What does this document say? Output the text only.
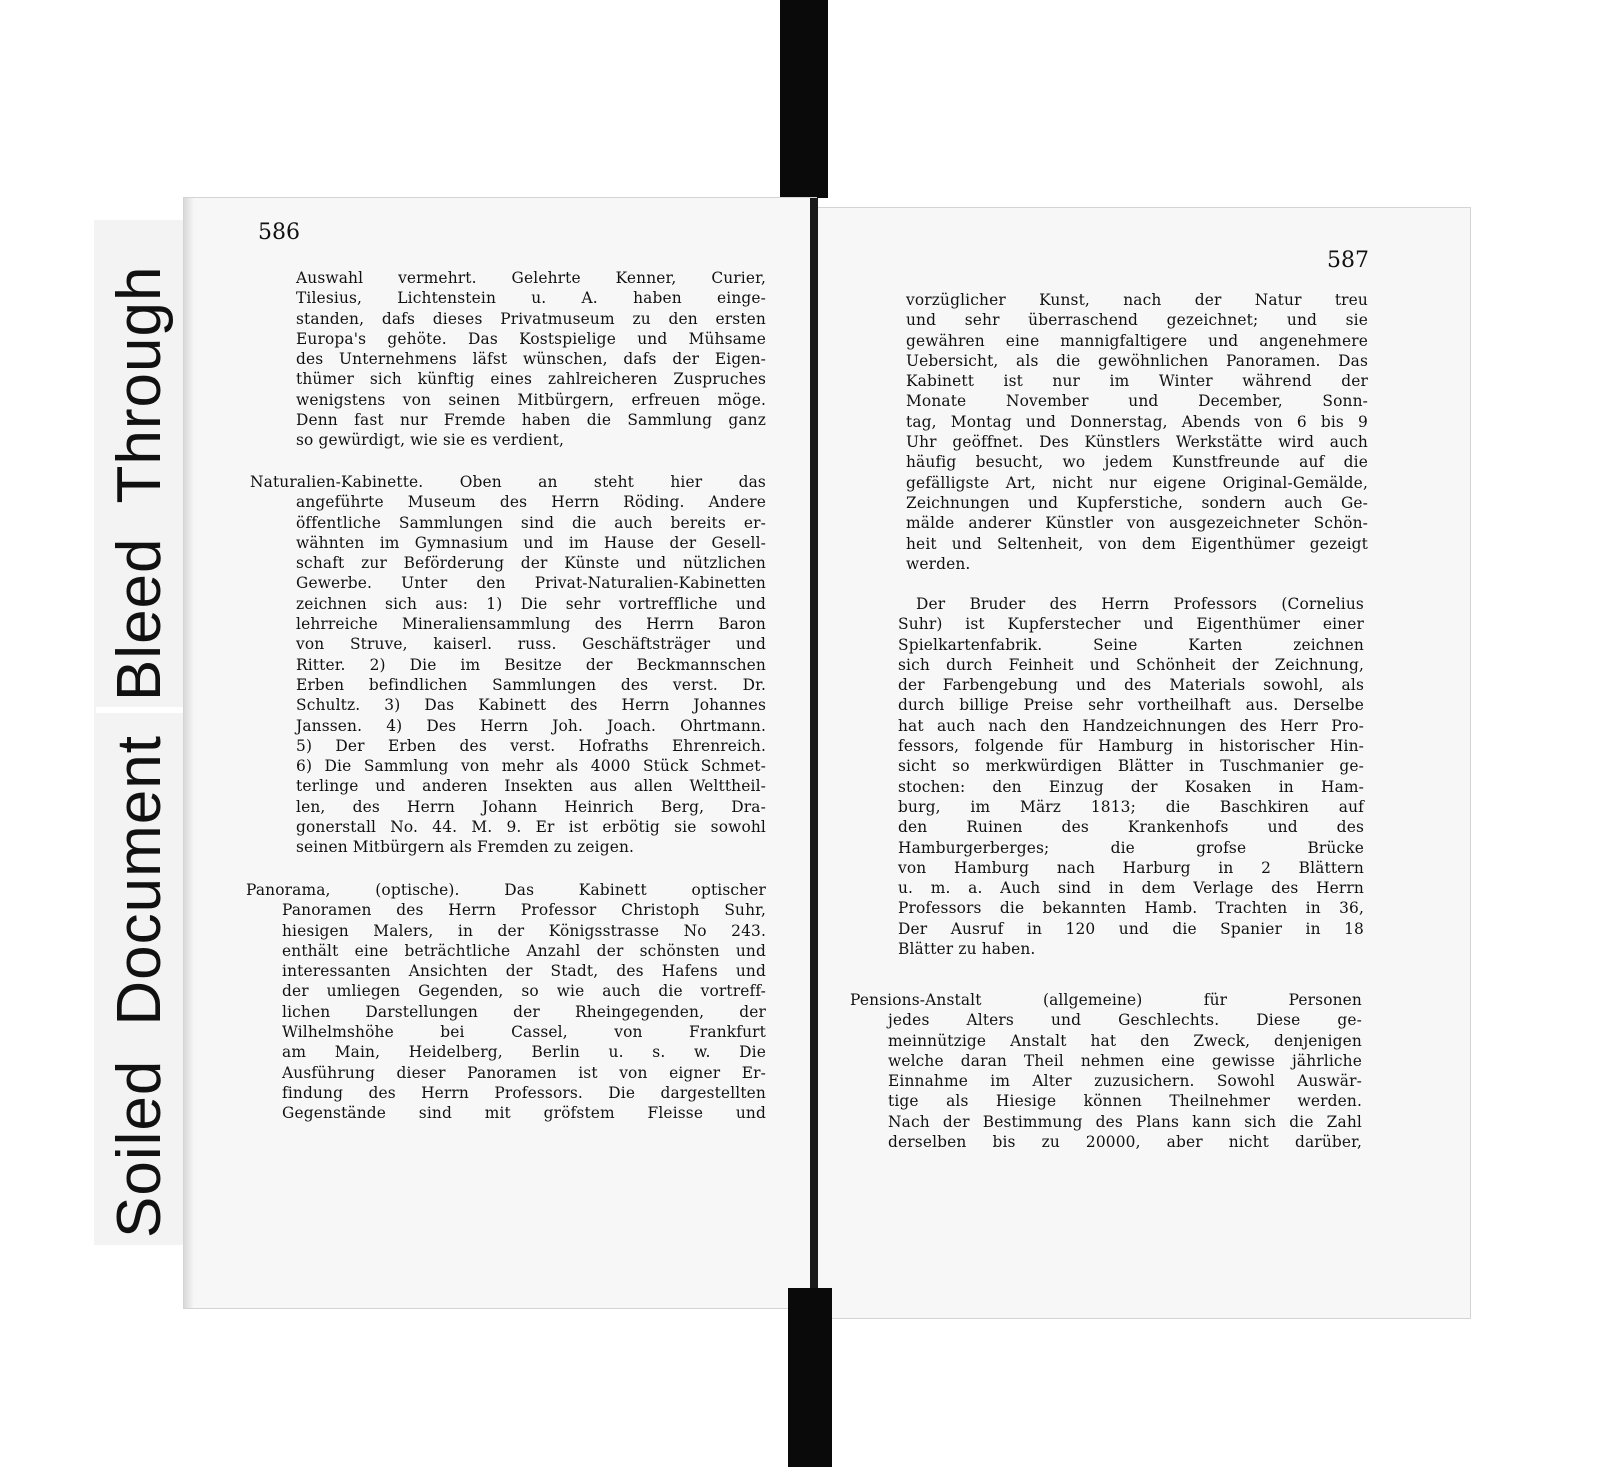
SoiledDocumentBleedThrough
586
587
Auswahl vermehrt. Gelehrte Kenner, Curier,
Tilesius, Lichtenstein u. A. haben einge-
standen, dafs dieses Privatmuseum zu den ersten
Europa's gehöte. Das Kostspielige und Mühsame
des Unternehmens läfst wünschen, dafs der Eigen-
thümer sich künftig eines zahlreicheren Zuspruches
wenigstens von seinen Mitbürgern, erfreuen möge.
Denn fast nur Fremde haben die Sammlung ganz
so gewürdigt, wie sie es verdient,
Naturalien-Kabinette. Oben an steht hier das
angeführte Museum des Herrn Röding. Andere
öffentliche Sammlungen sind die auch bereits er-
wähnten im Gymnasium und im Hause der Gesell-
schaft zur Beförderung der Künste und nützlichen
Gewerbe. Unter den Privat-Naturalien-Kabinetten
zeichnen sich aus: 1) Die sehr vortreffliche und
lehrreiche Mineraliensammlung des Herrn Baron
von Struve, kaiserl. russ. Geschäftsträger und
Ritter. 2) Die im Besitze der Beckmannschen
Erben befindlichen Sammlungen des verst. Dr.
Schultz. 3) Das Kabinett des Herrn Johannes
Janssen. 4) Des Herrn Joh. Joach. Ohrtmann.
5) Der Erben des verst. Hofraths Ehrenreich.
6) Die Sammlung von mehr als 4000 Stück Schmet-
terlinge und anderen Insekten aus allen Welttheil-
len, des Herrn Johann Heinrich Berg, Dra-
gonerstall No. 44. M. 9. Er ist erbötig sie sowohl
seinen Mitbürgern als Fremden zu zeigen.
Panorama, (optische). Das Kabinett optischer
Panoramen des Herrn Professor Christoph Suhr,
hiesigen Malers, in der Königsstrasse No 243.
enthält eine beträchtliche Anzahl der schönsten und
interessanten Ansichten der Stadt, des Hafens und
der umliegen Gegenden, so wie auch die vortreff-
lichen Darstellungen der Rheingegenden, der
Wilhelmshöhe bei Cassel, von Frankfurt
am Main, Heidelberg, Berlin u. s. w. Die
Ausführung dieser Panoramen ist von eigner Er-
findung des Herrn Professors. Die dargestellten
Gegenstände sind mit gröfstem Fleisse und
vorzüglicher Kunst, nach der Natur treu
und sehr überraschend gezeichnet; und sie
gewähren eine mannigfaltigere und angenehmere
Uebersicht, als die gewöhnlichen Panoramen. Das
Kabinett ist nur im Winter während der
Monate November und December, Sonn-
tag, Montag und Donnerstag, Abends von 6 bis 9
Uhr geöffnet. Des Künstlers Werkstätte wird auch
häufig besucht, wo jedem Kunstfreunde auf die
gefälligste Art, nicht nur eigene Original-Gemälde,
Zeichnungen und Kupferstiche, sondern auch Ge-
mälde anderer Künstler von ausgezeichneter Schön-
heit und Seltenheit, von dem Eigenthümer gezeigt
werden.
Der Bruder des Herrn Professors (Cornelius
Suhr) ist Kupferstecher und Eigenthümer einer
Spielkartenfabrik. Seine Karten zeichnen
sich durch Feinheit und Schönheit der Zeichnung,
der Farbengebung und des Materials sowohl, als
durch billige Preise sehr vortheilhaft aus. Derselbe
hat auch nach den Handzeichnungen des Herr Pro-
fessors, folgende für Hamburg in historischer Hin-
sicht so merkwürdigen Blätter in Tuschmanier ge-
stochen: den Einzug der Kosaken in Ham-
burg, im März 1813; die Baschkiren auf
den Ruinen des Krankenhofs und des
Hamburgerberges; die grofse Brücke
von Hamburg nach Harburg in 2 Blättern
u. m. a. Auch sind in dem Verlage des Herrn
Professors die bekannten Hamb. Trachten in 36,
Der Ausruf in 120 und die Spanier in 18
Blätter zu haben.
Pensions-Anstalt (allgemeine) für Personen
jedes Alters und Geschlechts. Diese ge-
meinnützige Anstalt hat den Zweck, denjenigen
welche daran Theil nehmen eine gewisse jährliche
Einnahme im Alter zuzusichern. Sowohl Auswär-
tige als Hiesige können Theilnehmer werden.
Nach der Bestimmung des Plans kann sich die Zahl
derselben bis zu 20000, aber nicht darüber,
